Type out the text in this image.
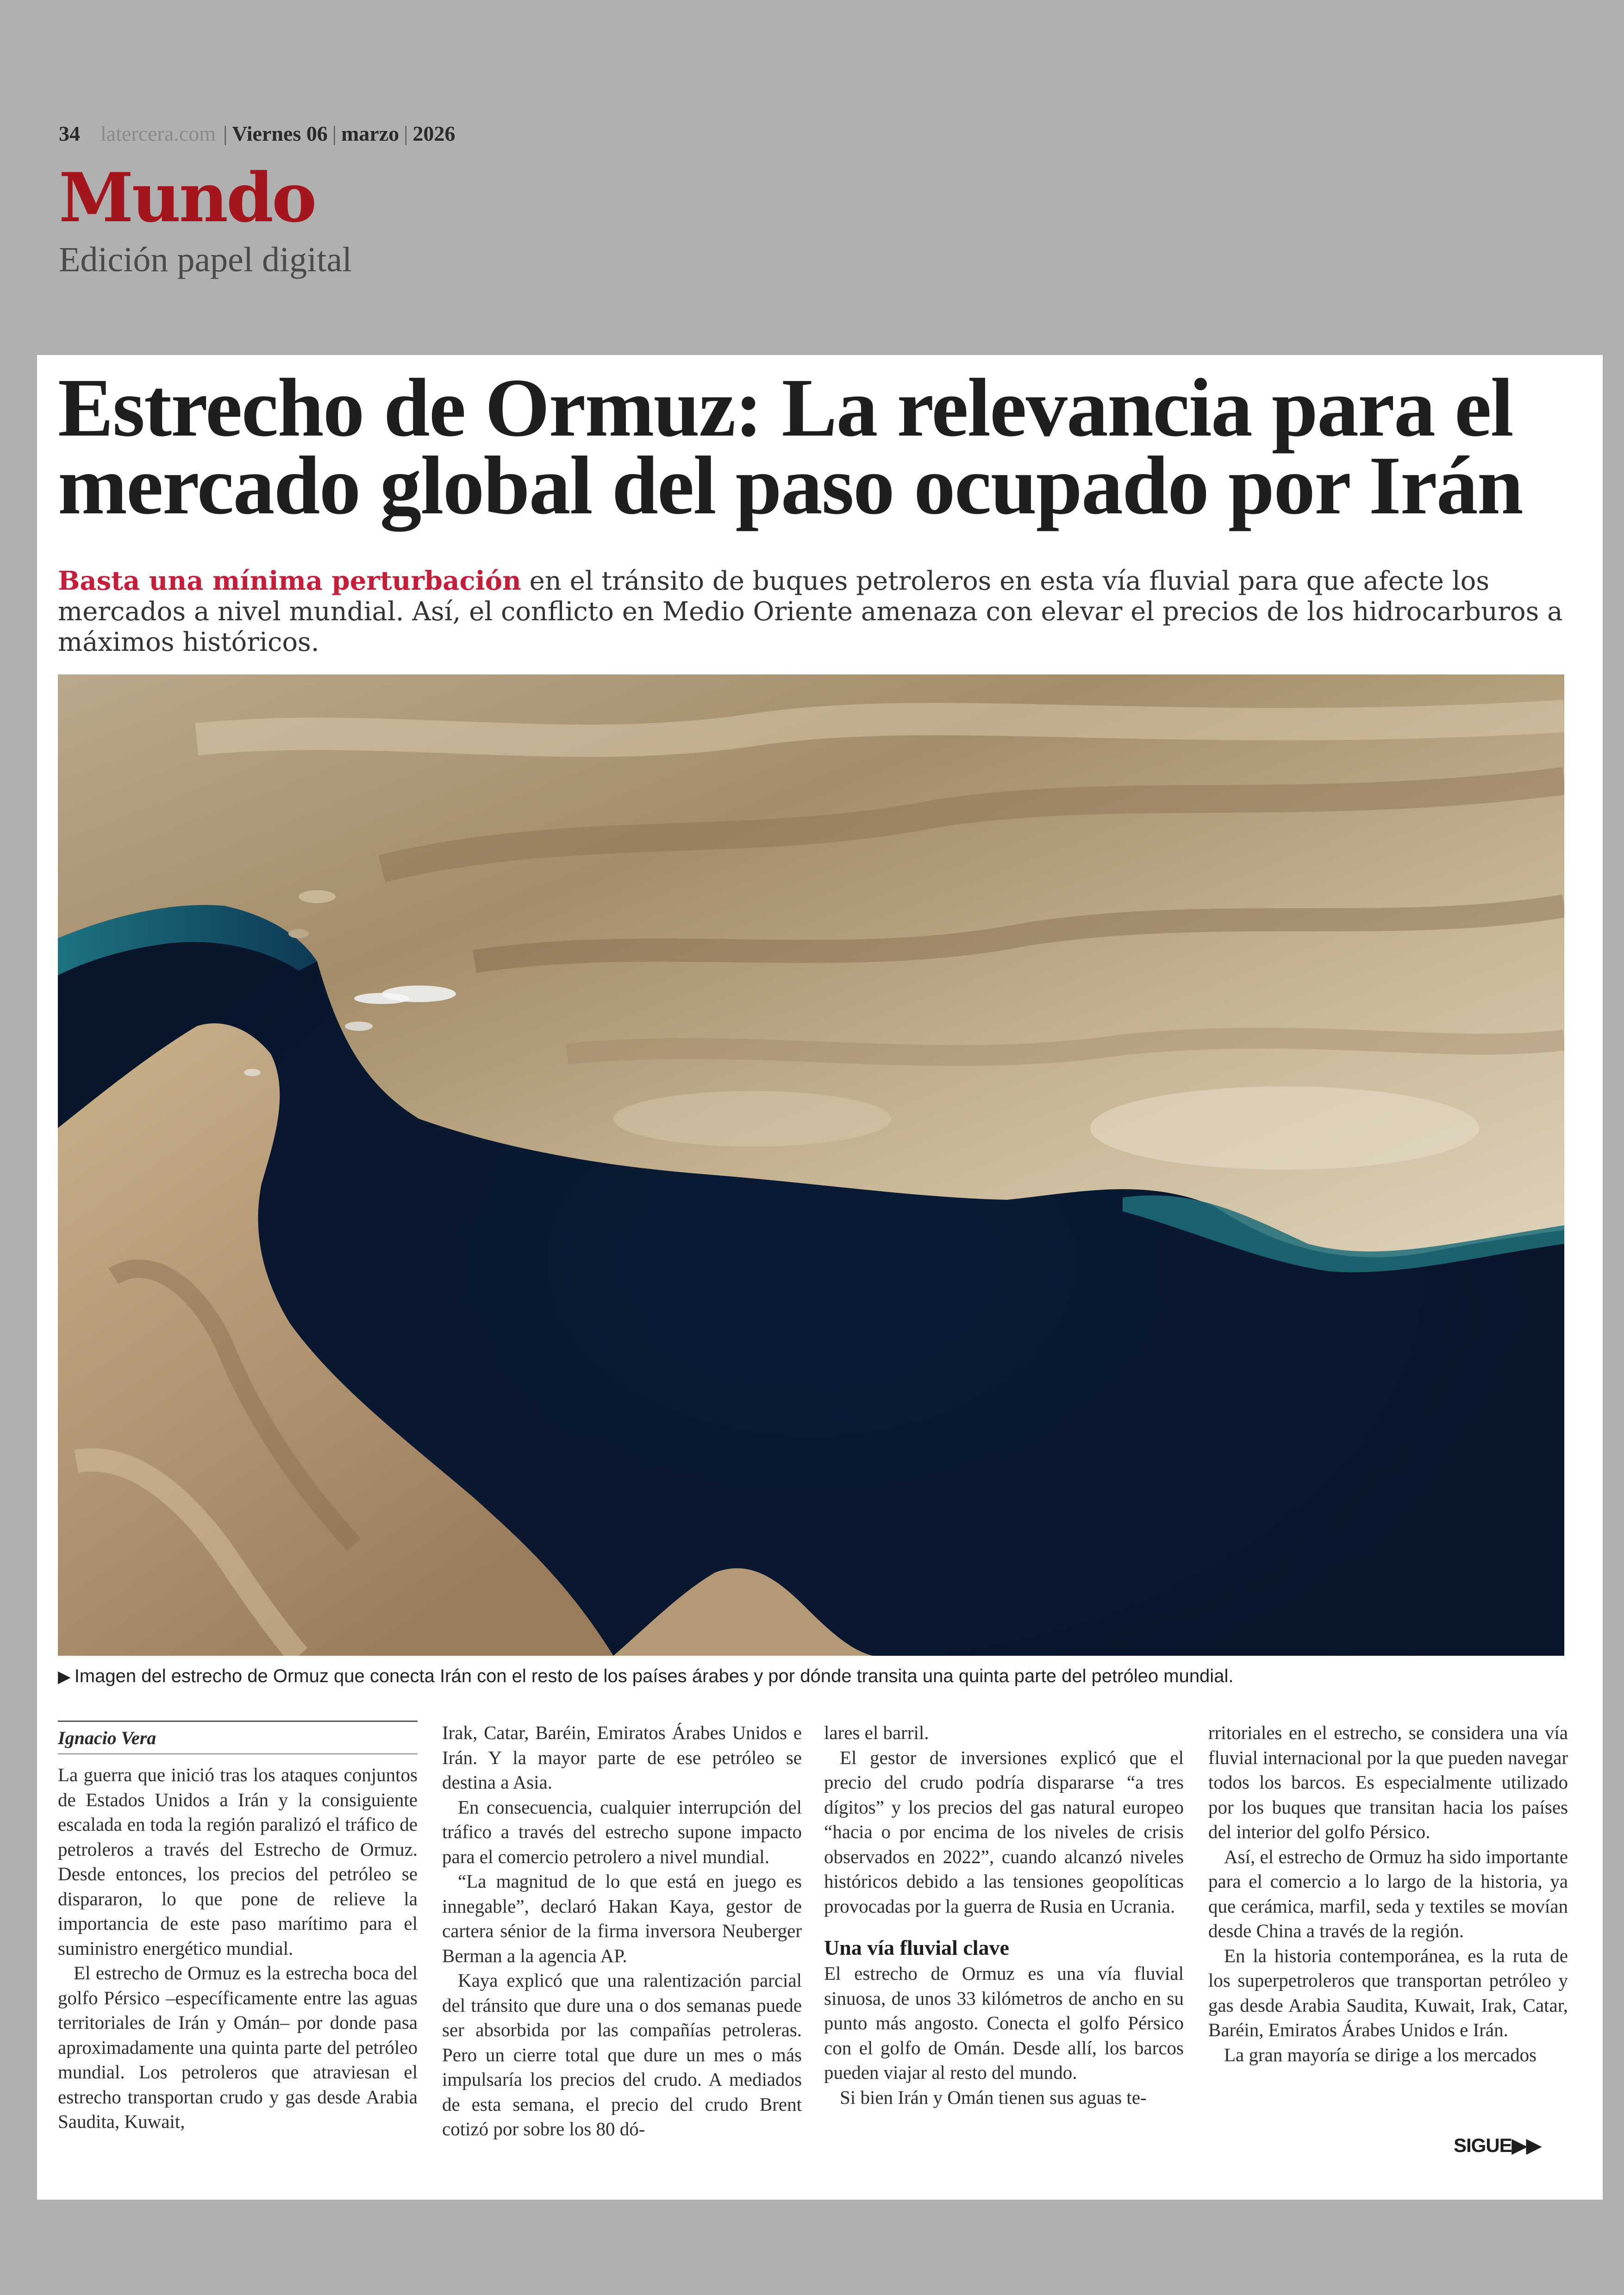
34 latercera.com | Viernes 06 | marzo | 2026
Mundo
Edición papel digital
Estrecho de Ormuz: La relevancia para el
mercado global del paso ocupado por Irán

Basta una mínima perturbación en el tránsito de buques petroleros en esta vía fluvial para que afecte los mercados a nivel mundial. Así, el conflicto en Medio Oriente amenaza con elevar el precios de los hidrocarburos a máximos históricos.

▶ Imagen del estrecho de Ormuz que conecta Irán con el resto de los países árabes y por dónde transita una quinta parte del petróleo mundial.
Ignacio Vera

La guerra que inició tras los ataques conjuntos de Estados Unidos a Irán y la consiguiente escalada en toda la región paralizó el tráfico de petroleros a través del Estrecho de Ormuz. Desde entonces, los precios del petróleo se dispararon, lo que pone de relieve la importancia de este paso marítimo para el suministro energético mundial.

El estrecho de Ormuz es la estrecha boca del golfo Pérsico –específicamente entre las aguas territoriales de Irán y Omán– por donde pasa aproximadamente una quinta parte del petróleo mundial. Los petroleros que atraviesan el estrecho transportan crudo y gas desde Arabia Saudita, Kuwait,

Irak, Catar, Baréin, Emiratos Árabes Unidos e Irán. Y la mayor parte de ese petróleo se destina a Asia.

En consecuencia, cualquier interrupción del tráfico a través del estrecho supone impacto para el comercio petrolero a nivel mundial.

“La magnitud de lo que está en juego es innegable”, declaró Hakan Kaya, gestor de cartera sénior de la firma inversora Neuberger Berman a la agencia AP.

Kaya explicó que una ralentización parcial del tránsito que dure una o dos semanas puede ser absorbida por las compañías petroleras. Pero un cierre total que dure un mes o más impulsaría los precios del crudo. A mediados de esta semana, el precio del crudo Brent cotizó por sobre los 80 dó-

lares el barril.

El gestor de inversiones explicó que el precio del crudo podría dispararse “a tres dígitos” y los precios del gas natural europeo “hacia o por encima de los niveles de crisis observados en 2022”, cuando alcanzó niveles históricos debido a las tensiones geopolíticas provocadas por la guerra de Rusia en Ucrania.

Una vía fluvial clave

El estrecho de Ormuz es una vía fluvial sinuosa, de unos 33 kilómetros de ancho en su punto más angosto. Conecta el golfo Pérsico con el golfo de Omán. Desde allí, los barcos pueden viajar al resto del mundo.

Si bien Irán y Omán tienen sus aguas te-

rritoriales en el estrecho, se considera una vía fluvial internacional por la que pueden navegar todos los barcos. Es especialmente utilizado por los buques que transitan hacia los países del interior del golfo Pérsico.

Así, el estrecho de Ormuz ha sido importante para el comercio a lo largo de la historia, ya que cerámica, marfil, seda y textiles se movían desde China a través de la región.

En la historia contemporánea, es la ruta de los superpetroleros que transportan petróleo y gas desde Arabia Saudita, Kuwait, Irak, Catar, Baréin, Emiratos Árabes Unidos e Irán.

La gran mayoría se dirige a los mercados

SIGUE▶▶
